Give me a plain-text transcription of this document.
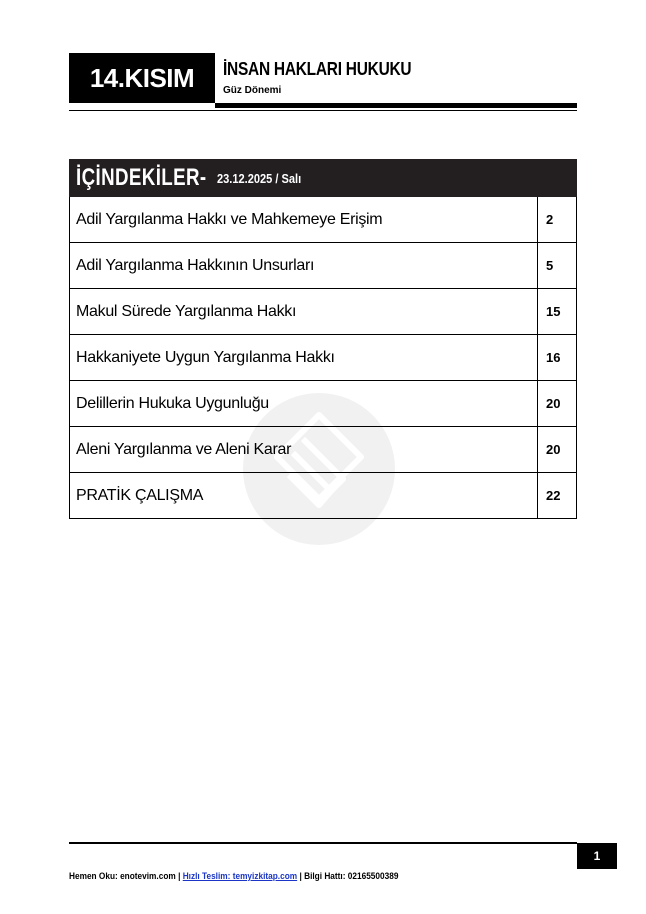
14.KISIM	İNSAN HAKLARI HUKUKU
Güz Dönemi
İÇİNDEKİLER- 23.12.2025 / Salı
Adil Yargılanma Hakkı ve Mahkemeye Erişim	2
Adil Yargılanma Hakkının Unsurları	5
Makul Sürede Yargılanma Hakkı	15
Hakkaniyete Uygun Yargılanma Hakkı	16
Delillerin Hukuka Uygunluğu	20
Aleni Yargılanma ve Aleni Karar	20
PRATİK ÇALIŞMA	22
1
Hemen Oku: enotevim.com | Hızlı Teslim: temyizkitap.com | Bilgi Hattı: 02165500389
